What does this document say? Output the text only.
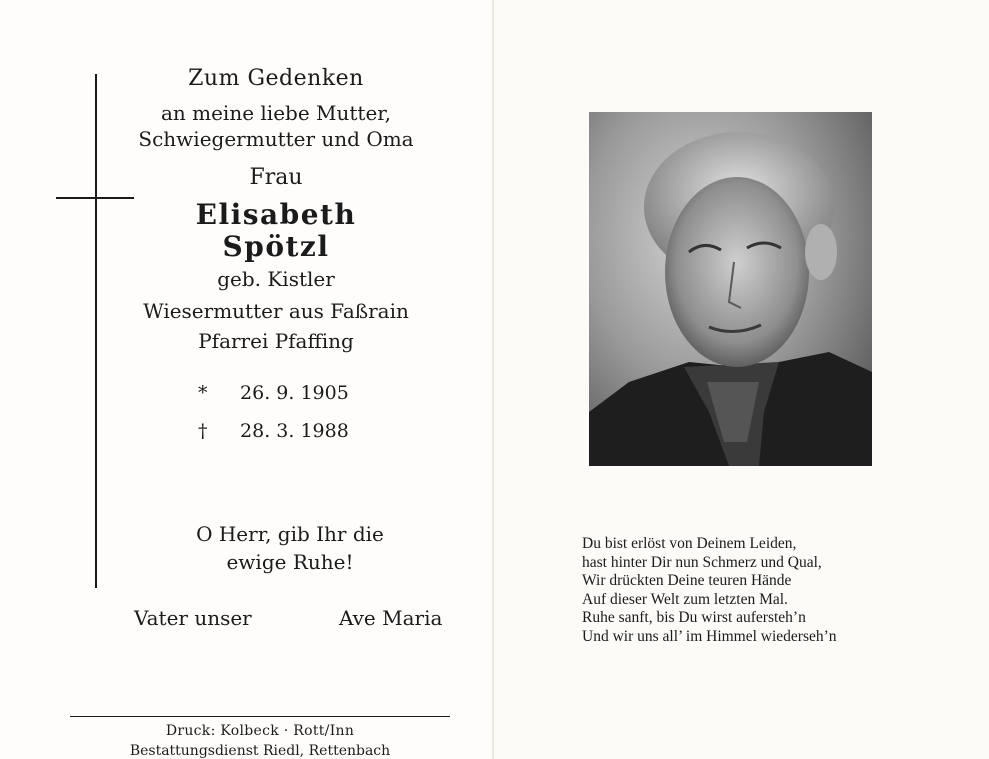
Zum Gedenken
an meine liebe Mutter,
Schwiegermutter und Oma
Frau
Elisabeth
Spötzl
geb. Kistler
Wiesermutter aus Faßrain
Pfarrei Pfaffing
* 26. 9. 1905
† 28. 3. 1988
O Herr, gib Ihr die
ewige Ruhe!
Vater unser	Ave Maria
Druck: Kolbeck · Rott/Inn
Bestattungsdienst Riedl, Rettenbach
Du bist erlöst von Deinem Leiden,
hast hinter Dir nun Schmerz und Qual,
Wir drückten Deine teuren Hände
Auf dieser Welt zum letzten Mal.
Ruhe sanft, bis Du wirst aufersteh’n
Und wir uns all’ im Himmel wiederseh’n
